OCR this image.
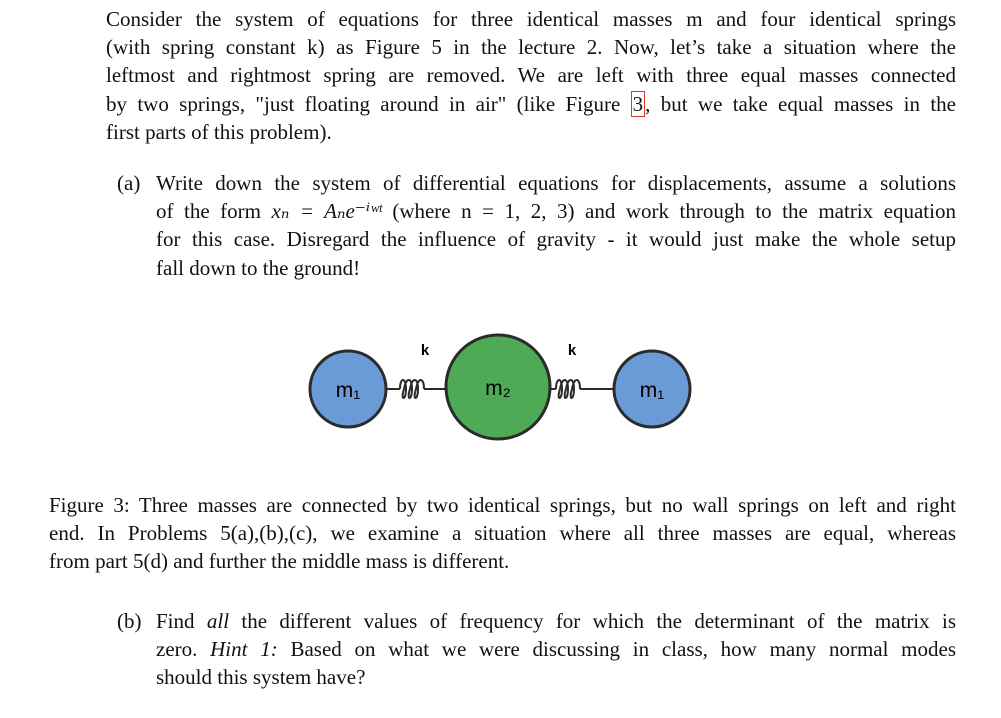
Consider the system of equations for three identical masses m and four identical springs
(with spring constant k) as Figure 5 in the lecture 2. Now, let’s take a situation where the
leftmost and rightmost spring are removed. We are left with three equal masses connected
by two springs, "just floating around in air" (like Figure 3, but we take equal masses in the
first parts of this problem).
(a) Write down the system of differential equations for displacements, assume a solutions
of the form xₙ = Aₙe⁻ⁱʷᵗ (where n = 1, 2, 3) and work through to the matrix equation
for this case. Disregard the influence of gravity - it would just make the whole setup
fall down to the ground!
k	k
m₁	m₂	m₁
Figure 3: Three masses are connected by two identical springs, but no wall springs on left and right
end. In Problems 5(a),(b),(c), we examine a situation where all three masses are equal, whereas
from part 5(d) and further the middle mass is different.
(b) Find all the different values of frequency for which the determinant of the matrix is
zero. Hint 1: Based on what we were discussing in class, how many normal modes
should this system have?
